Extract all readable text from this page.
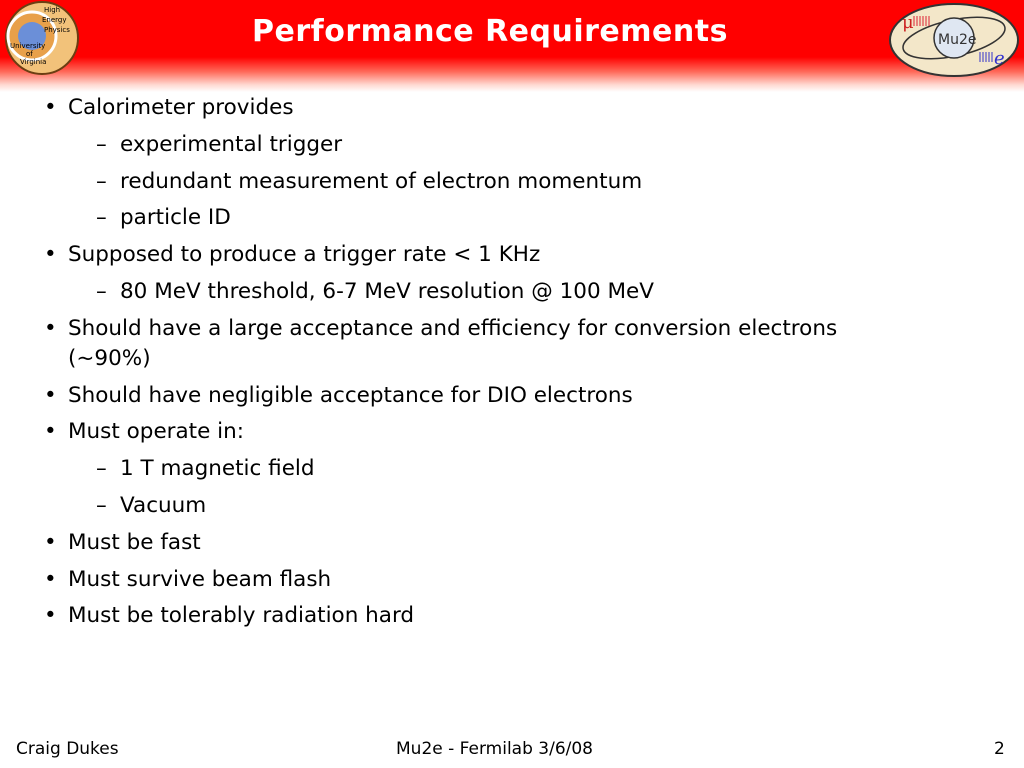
High
Energy
Physics
University
of
Virginia
Performance Requirements	μ
Mu2e
e
• Calorimeter provides
– experimental trigger
– redundant measurement of electron momentum
– particle ID
• Supposed to produce a trigger rate < 1 KHz
– 80 MeV threshold, 6-7 MeV resolution @ 100 MeV
• Should have a large acceptance and efficiency for conversion electrons
(~90%)
• Should have negligible acceptance for DIO electrons
• Must operate in:
– 1 T magnetic field
– Vacuum
• Must be fast
• Must survive beam flash
• Must be tolerably radiation hard
Craig Dukes	Mu2e - Fermilab 3/6/08	2
